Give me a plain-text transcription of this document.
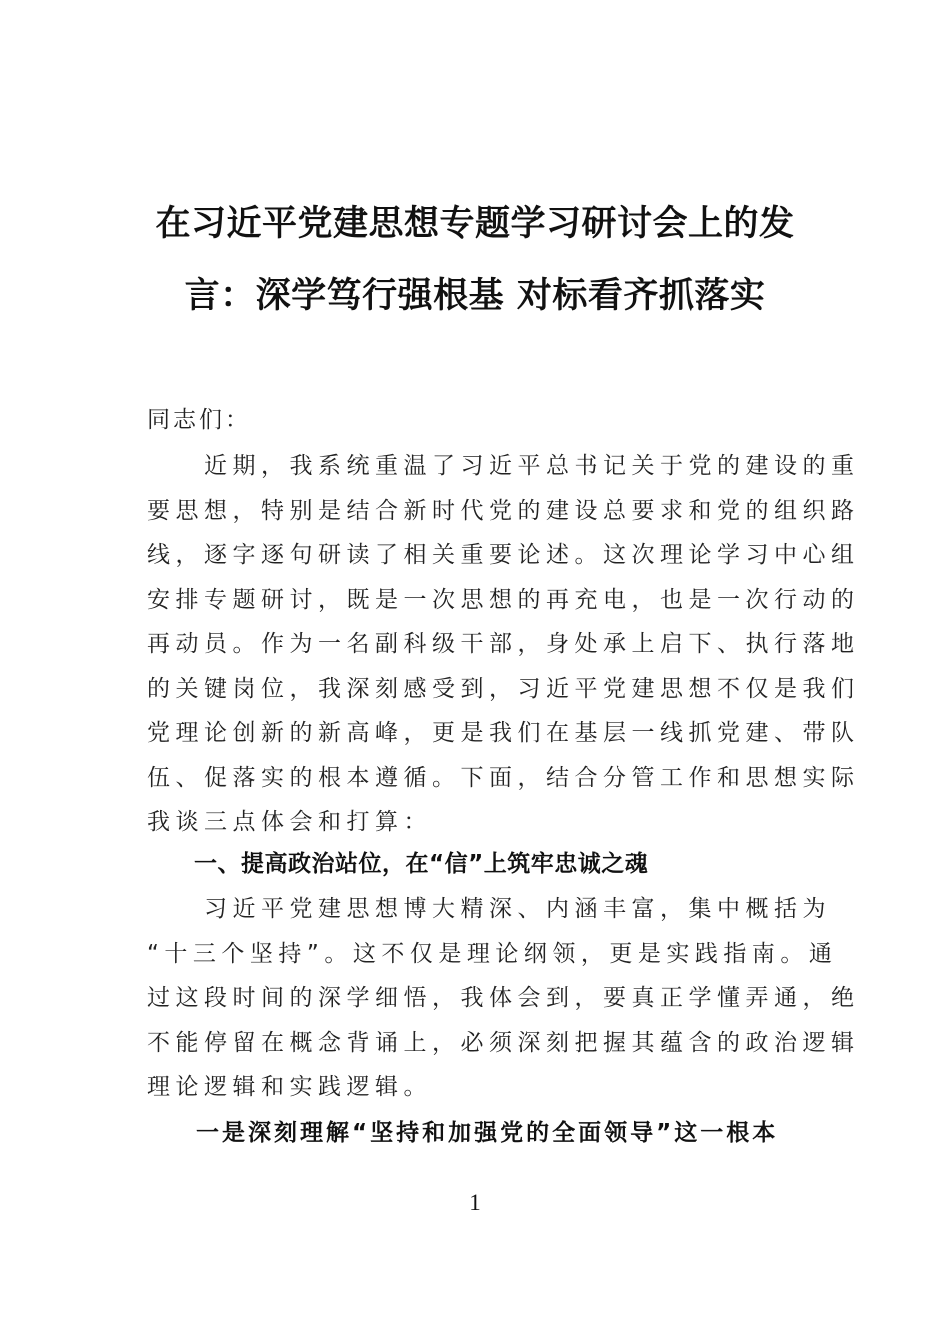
在习近平党建思想专题学习研讨会上的发
言：深学笃行强根基 对标看齐抓落实

同志们：

　　近期，我系统重温了习近平总书记关于党的建设的重
要思想，特别是结合新时代党的建设总要求和党的组织路
线，逐字逐句研读了相关重要论述。这次理论学习中心组
安排专题研讨，既是一次思想的再充电，也是一次行动的
再动员。作为一名副科级干部，身处承上启下、执行落地
的关键岗位，我深刻感受到，习近平党建思想不仅是我们
党理论创新的新高峰，更是我们在基层一线抓党建、带队
伍、促落实的根本遵循。下面，结合分管工作和思想实际
我谈三点体会和打算：

一、提高政治站位，在“信”上筑牢忠诚之魂

　　习近平党建思想博大精深、内涵丰富，集中概括为
“十三个坚持”。这不仅是理论纲领，更是实践指南。通
过这段时间的深学细悟，我体会到，要真正学懂弄通，绝
不能停留在概念背诵上，必须深刻把握其蕴含的政治逻辑
理论逻辑和实践逻辑。

一是深刻理解“坚持和加强党的全面领导”这一根本
1
